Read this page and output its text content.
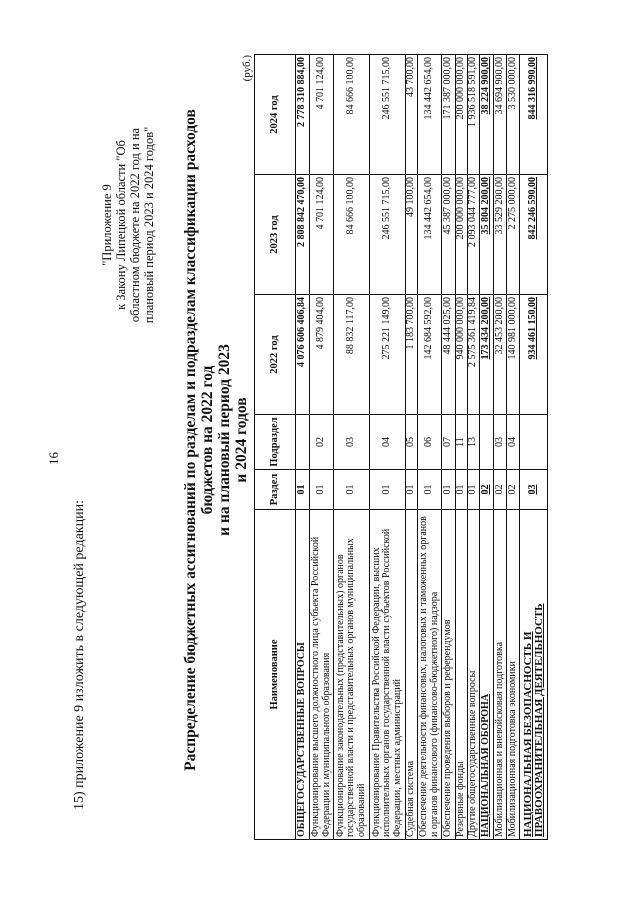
16
15) приложение 9 изложить в следующей редакции:
"Приложение 9 к Закону Липецкой области "Об областном бюджете на 2022 год и на плановый период 2023 и 2024 годов" Распределение бюджетных ассигнований по разделам и подразделам классификации расходов бюджетов на 2022 год и на плановый период 2023 и 2024 годов
(руб.)
Наименование	Раздел	Подраздел	2022 год	2023 год	2024 год
ОБЩЕГОСУДАРСТВЕННЫЕ ВОПРОСЫ	01		4 076 606 406,84	2 808 842 470,00	2 778 310 884,00
Функционирование высшего должностного лица субъекта Российской Федерации и муниципального образования	01	02	4 879 404,00	4 701 124,00	4 701 124,00
Функционирование законодательных (представительных) органов государственной власти и представительных органов муниципальных образований	01	03	88 832 117,00	84 666 100,00	84 666 100,00
Функционирование Правительства Российской Федерации, высших исполнительных органов государственной власти субъектов Российской Федерации, местных администраций	01	04	275 221 149,00	246 551 715,00	246 551 715,00
Судебная система	01	05	1 183 700,00	49 100,00	43 700,00
Обеспечение деятельности финансовых, налоговых и таможенных органов и органов финансового (финансово-бюджетного) надзора	01	06	142 684 592,00	134 442 654,00	134 442 654,00
Обеспечение проведения выборов и референдумов	01	07	48 444 025,00	45 387 000,00	171 387 000,00
Резервные фонды	01	11	940 000 000,00	200 000 000,00	200 000 000,00
Другие общегосударственные вопросы	01	13	2 575 361 419,84	2 093 044 777,00	1 936 518 591,00
НАЦИОНАЛЬНАЯ ОБОРОНА	02		173 434 200,00	35 804 200,00	38 224 900,00
Мобилизационная и вневойсковая подготовка	02	03	32 453 200,00	33 529 200,00	34 694 900,00
Мобилизационная подготовка экономики	02	04	140 981 000,00	2 275 000,00	3 530 000,00
НАЦИОНАЛЬНАЯ БЕЗОПАСНОСТЬ И ПРАВООХРАНИТЕЛЬНАЯ ДЕЯТЕЛЬНОСТЬ	03		934 461 150,00	842 246 590,00	844 316 990,00
